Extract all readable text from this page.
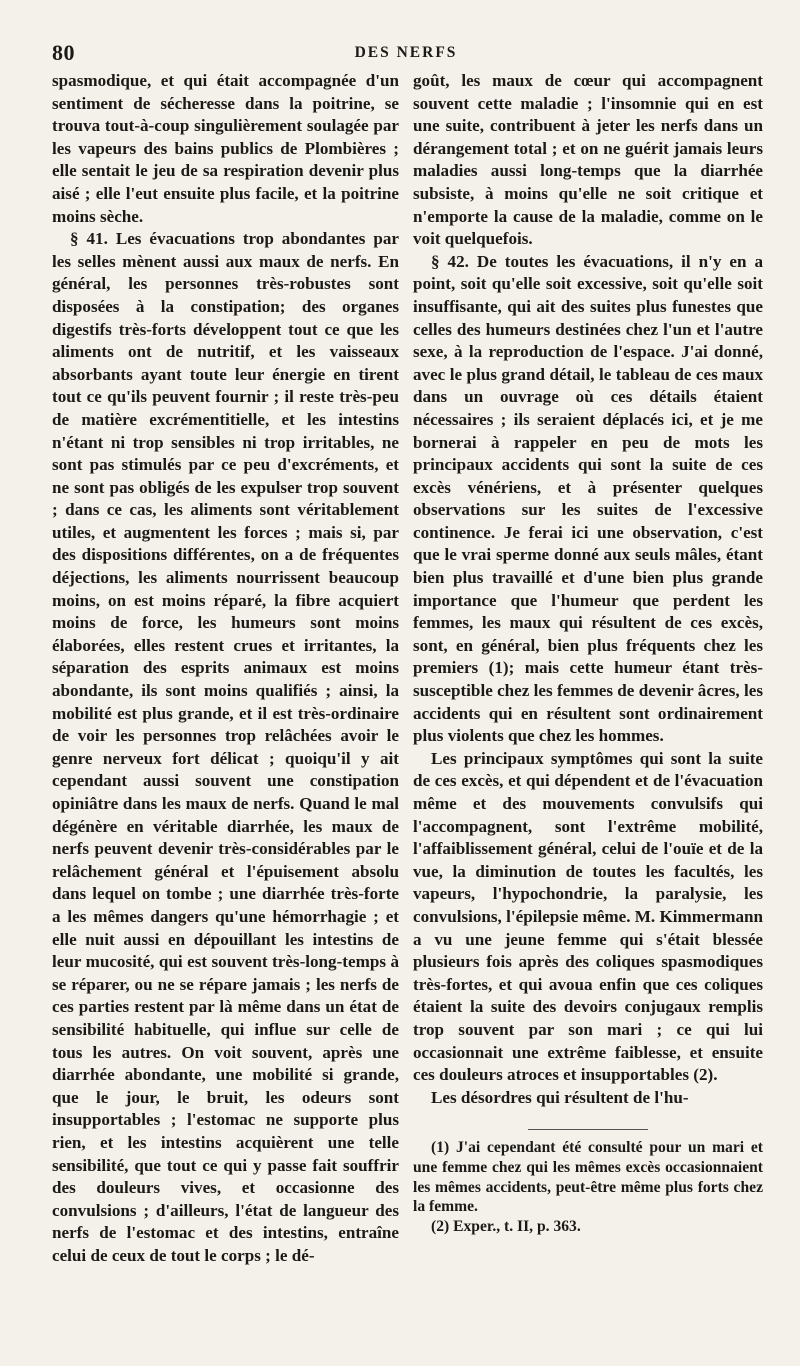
80	DES NERFS

spasmodique, et qui était accompagnée d'un sentiment de sécheresse dans la poitrine, se trouva tout-à-coup singulièrement soulagée par les vapeurs des bains publics de Plombières ; elle sentait le jeu de sa respiration devenir plus aisé ; elle l'eut ensuite plus facile, et la poitrine moins sèche.

§ 41. Les évacuations trop abondantes par les selles mènent aussi aux maux de nerfs. En général, les personnes très-robustes sont disposées à la constipation; des organes digestifs très-forts développent tout ce que les aliments ont de nutritif, et les vaisseaux absorbants ayant toute leur énergie en tirent tout ce qu'ils peuvent fournir ; il reste très-peu de matière excrémentitielle, et les intestins n'étant ni trop sensibles ni trop irritables, ne sont pas stimulés par ce peu d'excréments, et ne sont pas obligés de les expulser trop souvent ; dans ce cas, les aliments sont véritablement utiles, et augmentent les forces ; mais si, par des dispositions différentes, on a de fréquentes déjections, les aliments nourrissent beaucoup moins, on est moins réparé, la fibre acquiert moins de force, les humeurs sont moins élaborées, elles restent crues et irritantes, la séparation des esprits animaux est moins abondante, ils sont moins qualifiés ; ainsi, la mobilité est plus grande, et il est très-ordinaire de voir les personnes trop relâchées avoir le genre nerveux fort délicat ; quoiqu'il y ait cependant aussi souvent une constipation opiniâtre dans les maux de nerfs. Quand le mal dégénère en véritable diarrhée, les maux de nerfs peuvent devenir très-considérables par le relâchement général et l'épuisement absolu dans lequel on tombe ; une diarrhée très-forte a les mêmes dangers qu'une hémorrhagie ; et elle nuit aussi en dépouillant les intestins de leur mucosité, qui est souvent très-long-temps à se réparer, ou ne se répare jamais ; les nerfs de ces parties restent par là même dans un état de sensibilité habituelle, qui influe sur celle de tous les autres. On voit souvent, après une diarrhée abondante, une mobilité si grande, que le jour, le bruit, les odeurs sont insupportables ; l'estomac ne supporte plus rien, et les intestins acquièrent une telle sensibilité, que tout ce qui y passe fait souffrir des douleurs vives, et occasionne des convulsions ; d'ailleurs, l'état de langueur des nerfs de l'estomac et des intestins, entraîne celui de ceux de tout le corps ; le dé-

goût, les maux de cœur qui accompagnent souvent cette maladie ; l'insomnie qui en est une suite, contribuent à jeter les nerfs dans un dérangement total ; et on ne guérit jamais leurs maladies aussi long-temps que la diarrhée subsiste, à moins qu'elle ne soit critique et n'emporte la cause de la maladie, comme on le voit quelquefois.

§ 42. De toutes les évacuations, il n'y en a point, soit qu'elle soit excessive, soit qu'elle soit insuffisante, qui ait des suites plus funestes que celles des humeurs destinées chez l'un et l'autre sexe, à la reproduction de l'espace. J'ai donné, avec le plus grand détail, le tableau de ces maux dans un ouvrage où ces détails étaient nécessaires ; ils seraient déplacés ici, et je me bornerai à rappeler en peu de mots les principaux accidents qui sont la suite de ces excès vénériens, et à présenter quelques observations sur les suites de l'excessive continence. Je ferai ici une observation, c'est que le vrai sperme donné aux seuls mâles, étant bien plus travaillé et d'une bien plus grande importance que l'humeur que perdent les femmes, les maux qui résultent de ces excès, sont, en général, bien plus fréquents chez les premiers (1); mais cette humeur étant très-susceptible chez les femmes de devenir âcres, les accidents qui en résultent sont ordinairement plus violents que chez les hommes.

Les principaux symptômes qui sont la suite de ces excès, et qui dépendent et de l'évacuation même et des mouvements convulsifs qui l'accompagnent, sont l'extrême mobilité, l'affaiblissement général, celui de l'ouïe et de la vue, la diminution de toutes les facultés, les vapeurs, l'hypochondrie, la paralysie, les convulsions, l'épilepsie même. M. Kimmermann a vu une jeune femme qui s'était blessée plusieurs fois après des coliques spasmodiques très-fortes, et qui avoua enfin que ces coliques étaient la suite des devoirs conjugaux remplis trop souvent par son mari ; ce qui lui occasionnait une extrême faiblesse, et ensuite ces douleurs atroces et insupportables (2).

Les désordres qui résultent de l'hu-

(1) J'ai cependant été consulté pour un mari et une femme chez qui les mêmes excès occasionnaient les mêmes accidents, peut-être même plus forts chez la femme.

(2) Exper., t. II, p. 363.
